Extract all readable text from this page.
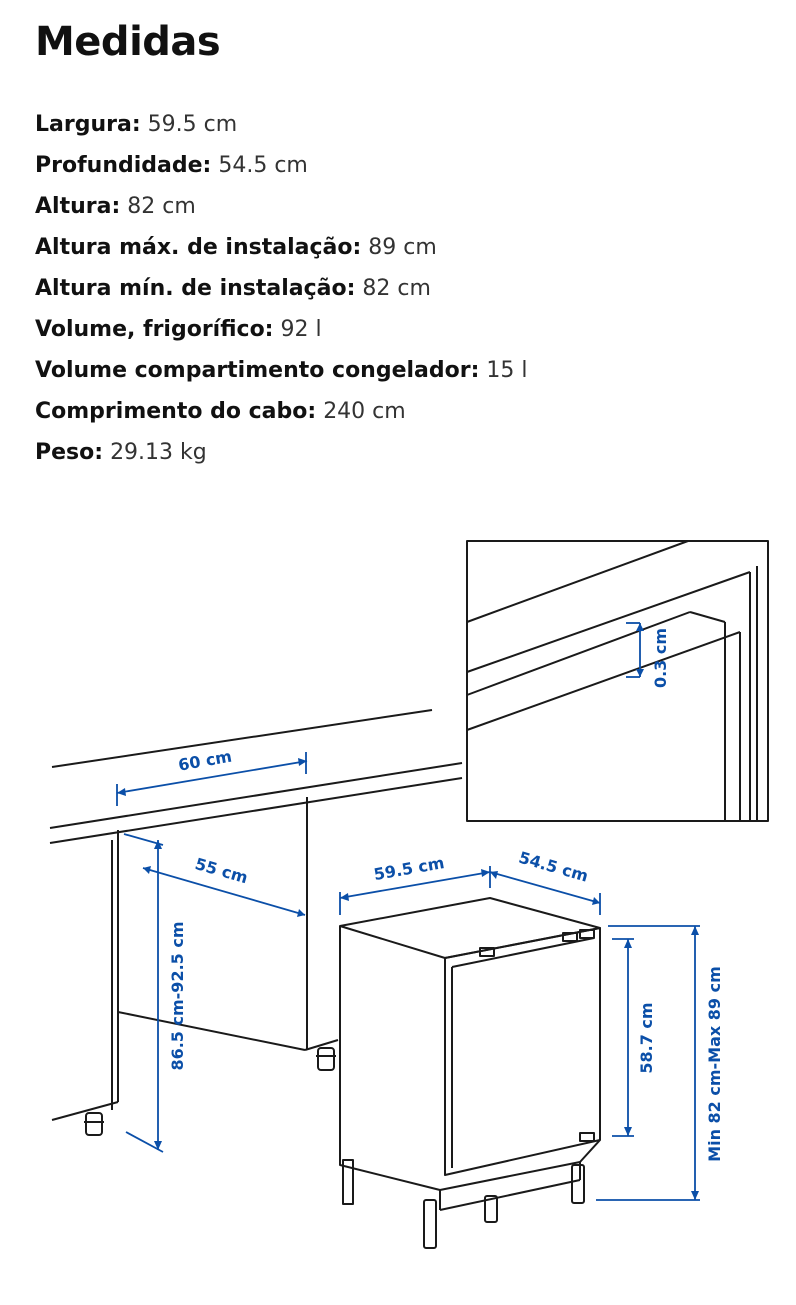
Medidas
Largura: 59.5 cm
Profundidade: 54.5 cm
Altura: 82 cm
Altura máx. de instalação: 89 cm
Altura mín. de instalação: 82 cm
Volume, frigorífico: 92 l
Volume compartimento congelador: 15 l
Comprimento do cabo: 240 cm
Peso: 29.13 kg
60 cm
55 cm
86.5 cm-92.5 cm
59.5 cm	54.5 cm
58.7 cm	Min 82 cm-Max 89 cm
0.3 cm
